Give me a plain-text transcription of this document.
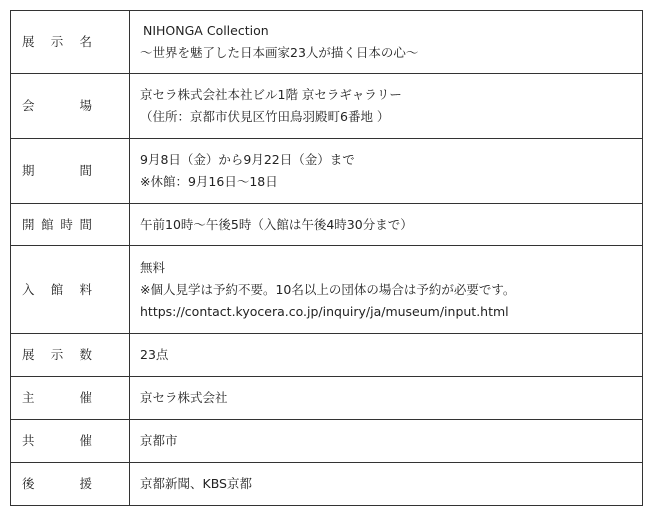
展 示 名	NIHONGA Collection
〜世界を魅了した日本画家23人が描く日本の心〜

会 場	京セラ株式会社本社ビル1階 京セラギャラリー
（住所：京都市伏見区竹田鳥羽殿町6番地 ）

期 間	9月8日（金）から9月22日（金）まで
※休館：9月16日〜18日

開館時間	午前10時〜午後5時（入館は午後4時30分まで）

入 館 料	無料
※個人見学は予約不要。10名以上の団体の場合は予約が必要です。
https://contact.kyocera.co.jp/inquiry/ja/museum/input.html

展 示 数	23点

主 催	京セラ株式会社

共 催	京都市

後 援	京都新聞、KBS京都
